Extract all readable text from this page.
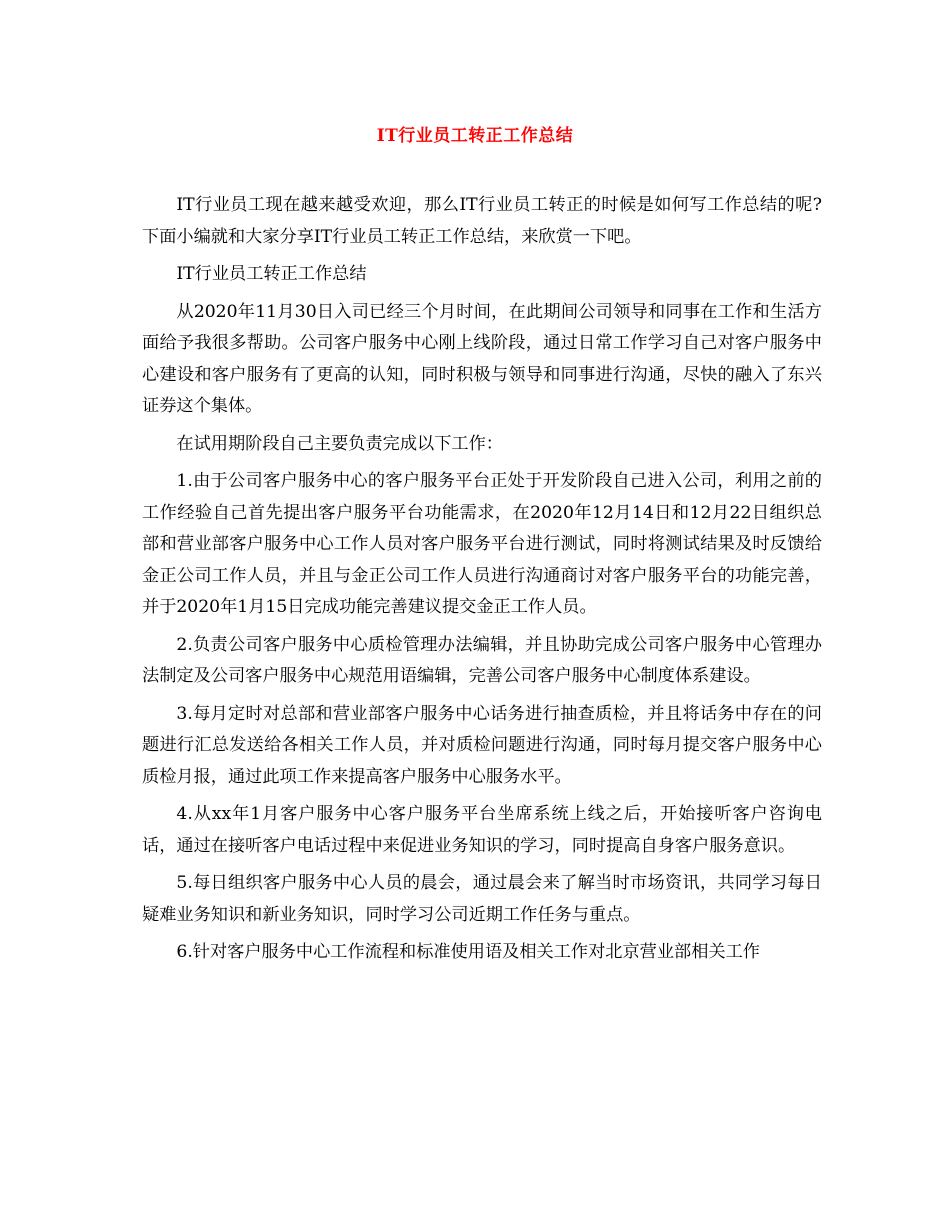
IT行业员工转正工作总结

IT行业员工现在越来越受欢迎，那么IT行业员工转正的时候是如何写工作总结的呢?下面小编就和大家分享IT行业员工转正工作总结，来欣赏一下吧。

IT行业员工转正工作总结

从2020年11月30日入司已经三个月时间，在此期间公司领导和同事在工作和生活方面给予我很多帮助。公司客户服务中心刚上线阶段，通过日常工作学习自己对客户服务中心建设和客户服务有了更高的认知，同时积极与领导和同事进行沟通，尽快的融入了东兴证券这个集体。

在试用期阶段自己主要负责完成以下工作：

1.由于公司客户服务中心的客户服务平台正处于开发阶段自己进入公司，利用之前的工作经验自己首先提出客户服务平台功能需求，在2020年12月14日和12月22日组织总部和营业部客户服务中心工作人员对客户服务平台进行测试，同时将测试结果及时反馈给金正公司工作人员，并且与金正公司工作人员进行沟通商讨对客户服务平台的功能完善，并于2020年1月15日完成功能完善建议提交金正工作人员。

2.负责公司客户服务中心质检管理办法编辑，并且协助完成公司客户服务中心管理办法制定及公司客户服务中心规范用语编辑，完善公司客户服务中心制度体系建设。

3.每月定时对总部和营业部客户服务中心话务进行抽查质检，并且将话务中存在的问题进行汇总发送给各相关工作人员，并对质检问题进行沟通，同时每月提交客户服务中心质检月报，通过此项工作来提高客户服务中心服务水平。

4.从xx年1月客户服务中心客户服务平台坐席系统上线之后，开始接听客户咨询电话，通过在接听客户电话过程中来促进业务知识的学习，同时提高自身客户服务意识。

5.每日组织客户服务中心人员的晨会，通过晨会来了解当时市场资讯，共同学习每日疑难业务知识和新业务知识，同时学习公司近期工作任务与重点。

6.针对客户服务中心工作流程和标准使用语及相关工作对北京营业部相关工作
